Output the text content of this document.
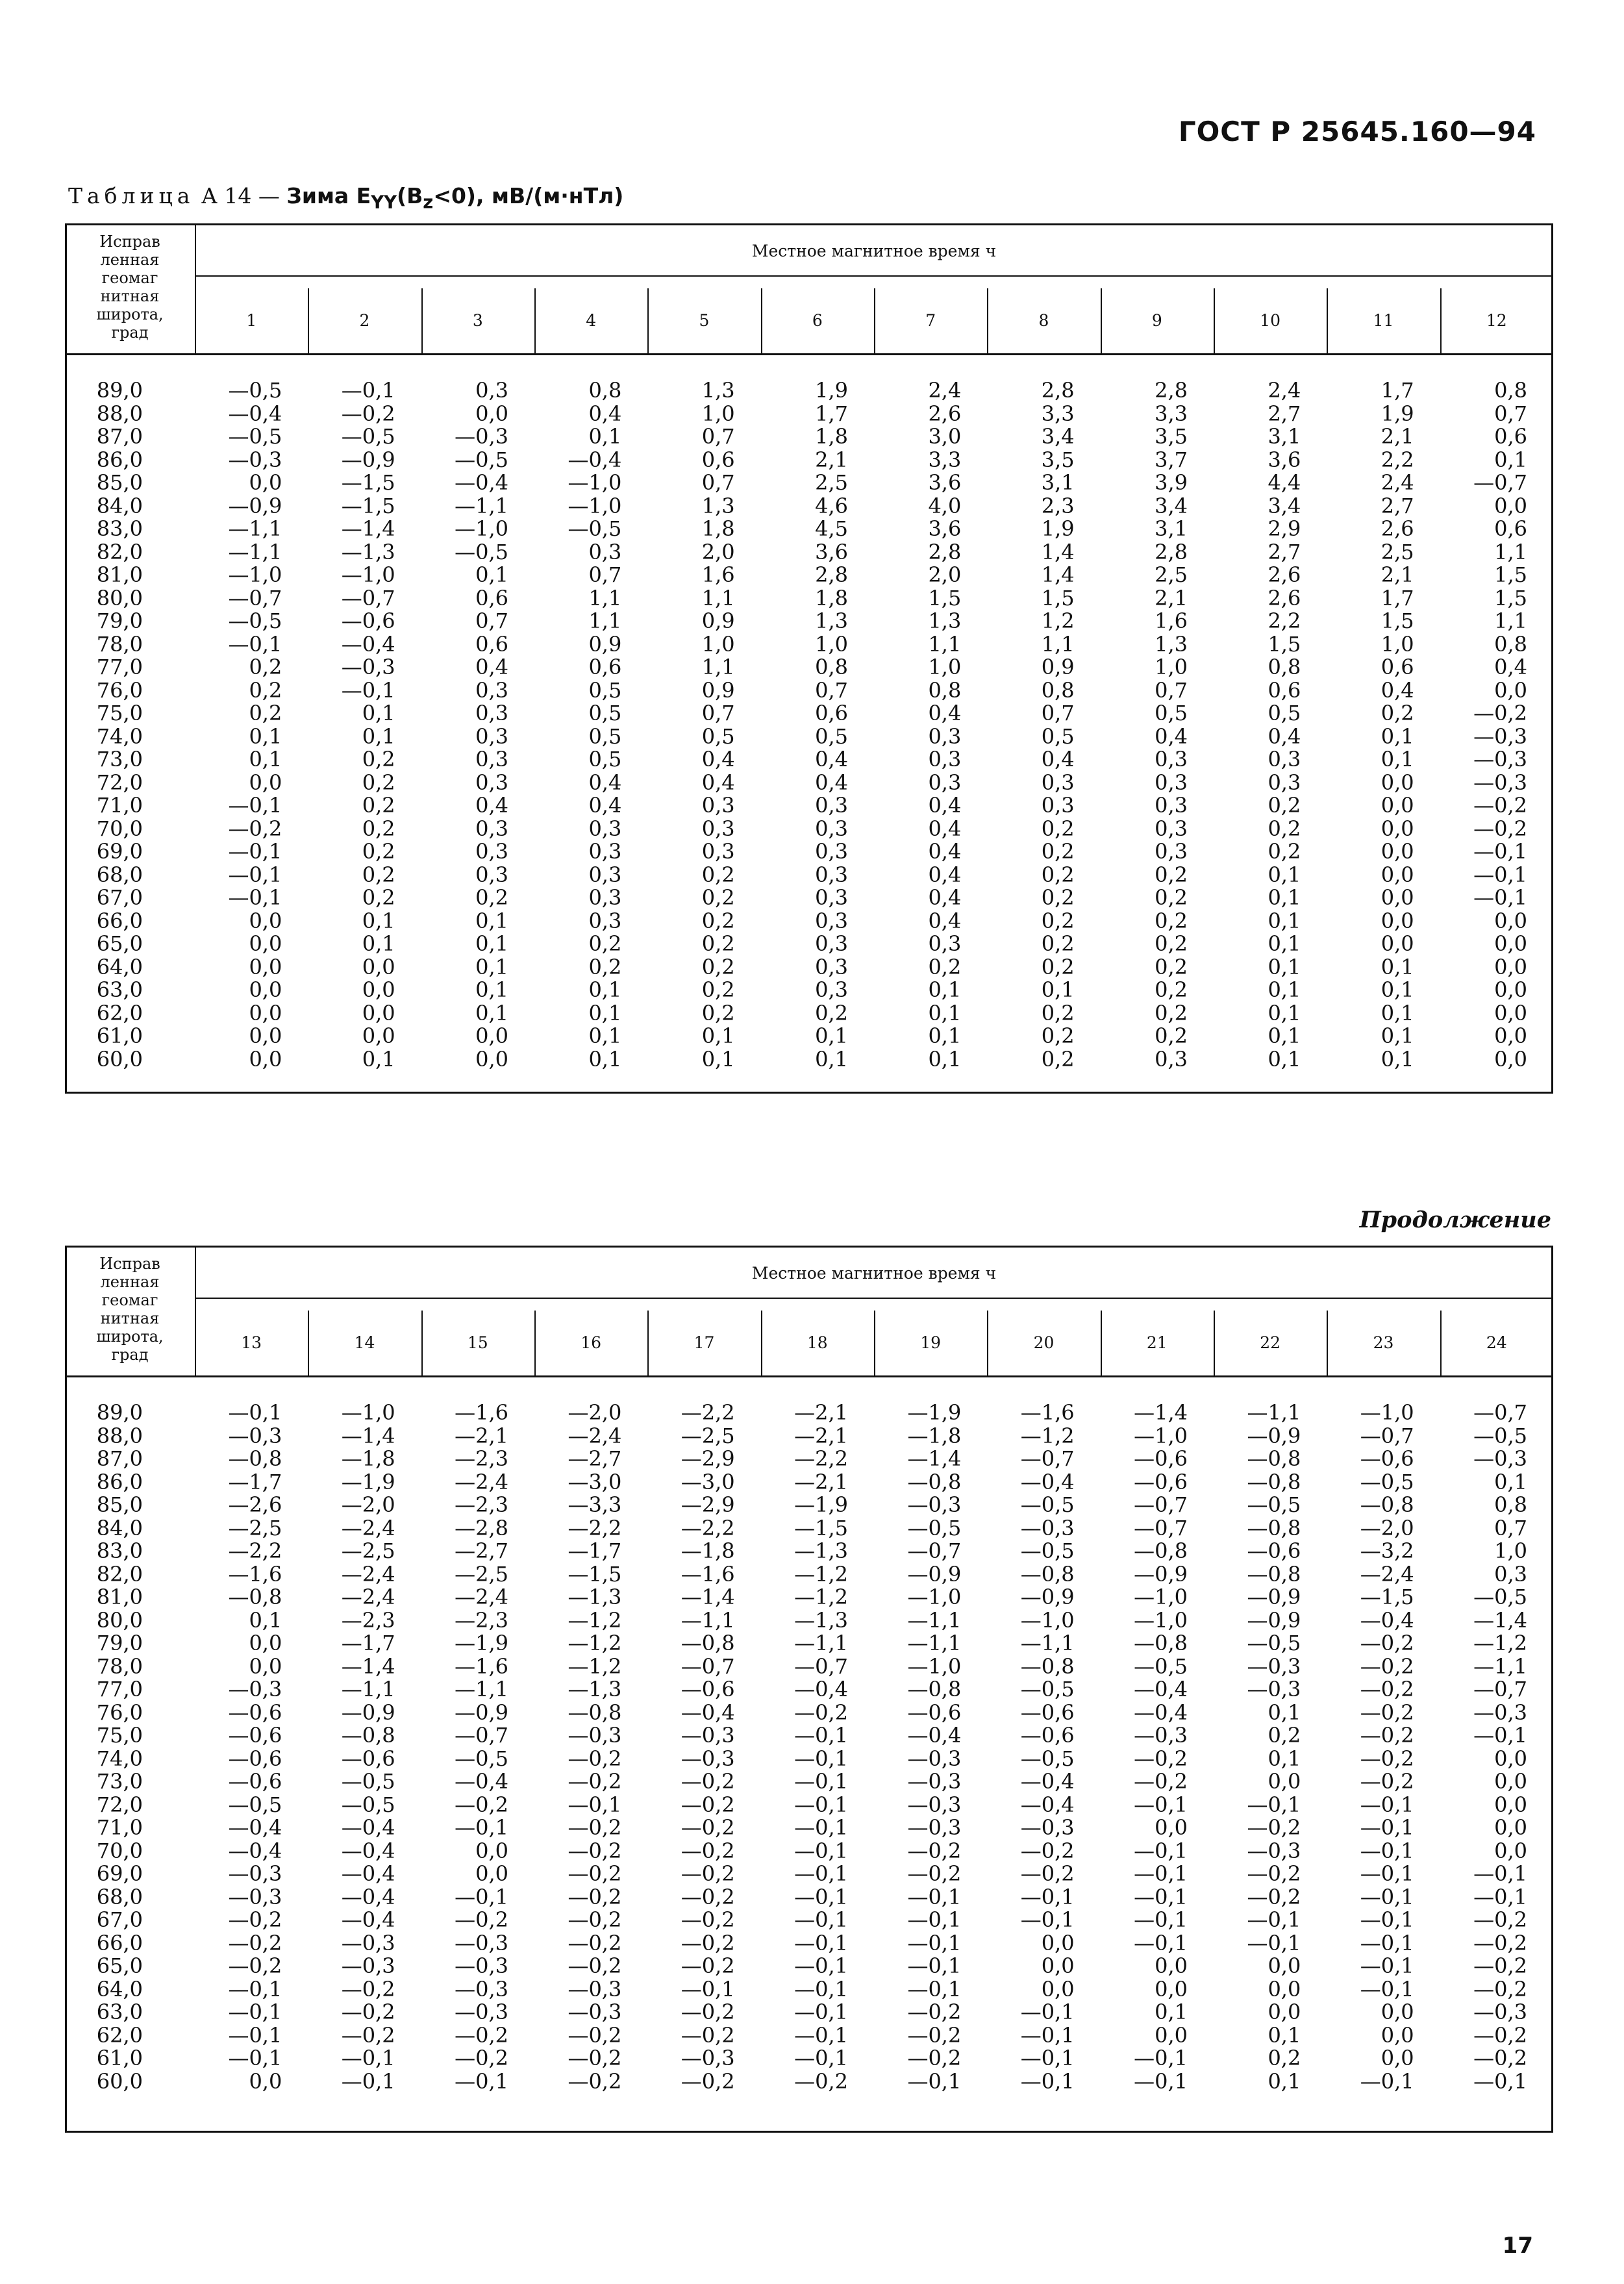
ГОСТ Р 25645.160—94
Таблица А 14 — Зима $E_{YY}(B_z<0)$, мВ/(м·нТл)
Исправ
ленная
геомаг
нитная
широта,
град
Местное магнитное время ч
1	2	3	4	5	6	7	8	9	10	11	12
89,0	—0,5	—0,1	0,3	0,8	1,3	1,9	2,4	2,8	2,8	2,4	1,7	0,8
88,0	—0,4	—0,2	0,0	0,4	1,0	1,7	2,6	3,3	3,3	2,7	1,9	0,7
87,0	—0,5	—0,5	—0,3	0,1	0,7	1,8	3,0	3,4	3,5	3,1	2,1	0,6
86,0	—0,3	—0,9	—0,5	—0,4	0,6	2,1	3,3	3,5	3,7	3,6	2,2	0,1
85,0	0,0	—1,5	—0,4	—1,0	0,7	2,5	3,6	3,1	3,9	4,4	2,4	—0,7
84,0	—0,9	—1,5	—1,1	—1,0	1,3	4,6	4,0	2,3	3,4	3,4	2,7	0,0
83,0	—1,1	—1,4	—1,0	—0,5	1,8	4,5	3,6	1,9	3,1	2,9	2,6	0,6
82,0	—1,1	—1,3	—0,5	0,3	2,0	3,6	2,8	1,4	2,8	2,7	2,5	1,1
81,0	—1,0	—1,0	0,1	0,7	1,6	2,8	2,0	1,4	2,5	2,6	2,1	1,5
80,0	—0,7	—0,7	0,6	1,1	1,1	1,8	1,5	1,5	2,1	2,6	1,7	1,5
79,0	—0,5	—0,6	0,7	1,1	0,9	1,3	1,3	1,2	1,6	2,2	1,5	1,1
78,0	—0,1	—0,4	0,6	0,9	1,0	1,0	1,1	1,1	1,3	1,5	1,0	0,8
77,0	0,2	—0,3	0,4	0,6	1,1	0,8	1,0	0,9	1,0	0,8	0,6	0,4
76,0	0,2	—0,1	0,3	0,5	0,9	0,7	0,8	0,8	0,7	0,6	0,4	0,0
75,0	0,2	0,1	0,3	0,5	0,7	0,6	0,4	0,7	0,5	0,5	0,2	—0,2
74,0	0,1	0,1	0,3	0,5	0,5	0,5	0,3	0,5	0,4	0,4	0,1	—0,3
73,0	0,1	0,2	0,3	0,5	0,4	0,4	0,3	0,4	0,3	0,3	0,1	—0,3
72,0	0,0	0,2	0,3	0,4	0,4	0,4	0,3	0,3	0,3	0,3	0,0	—0,3
71,0	—0,1	0,2	0,4	0,4	0,3	0,3	0,4	0,3	0,3	0,2	0,0	—0,2
70,0	—0,2	0,2	0,3	0,3	0,3	0,3	0,4	0,2	0,3	0,2	0,0	—0,2
69,0	—0,1	0,2	0,3	0,3	0,3	0,3	0,4	0,2	0,3	0,2	0,0	—0,1
68,0	—0,1	0,2	0,3	0,3	0,2	0,3	0,4	0,2	0,2	0,1	0,0	—0,1
67,0	—0,1	0,2	0,2	0,3	0,2	0,3	0,4	0,2	0,2	0,1	0,0	—0,1
66,0	0,0	0,1	0,1	0,3	0,2	0,3	0,4	0,2	0,2	0,1	0,0	0,0
65,0	0,0	0,1	0,1	0,2	0,2	0,3	0,3	0,2	0,2	0,1	0,0	0,0
64,0	0,0	0,0	0,1	0,2	0,2	0,3	0,2	0,2	0,2	0,1	0,1	0,0
63,0	0,0	0,0	0,1	0,1	0,2	0,3	0,1	0,1	0,2	0,1	0,1	0,0
62,0	0,0	0,0	0,1	0,1	0,2	0,2	0,1	0,2	0,2	0,1	0,1	0,0
61,0	0,0	0,0	0,0	0,1	0,1	0,1	0,1	0,2	0,2	0,1	0,1	0,0
60,0	0,0	0,1	0,0	0,1	0,1	0,1	0,1	0,2	0,3	0,1	0,1	0,0
Продолжение
Исправ
ленная
геомаг
нитная
широта,
град
Местное магнитное время ч
13	14	15	16	17	18	19	20	21	22	23	24
89,0	—0,1	—1,0	—1,6	—2,0	—2,2	—2,1	—1,9	—1,6	—1,4	—1,1	—1,0	—0,7
88,0	—0,3	—1,4	—2,1	—2,4	—2,5	—2,1	—1,8	—1,2	—1,0	—0,9	—0,7	—0,5
87,0	—0,8	—1,8	—2,3	—2,7	—2,9	—2,2	—1,4	—0,7	—0,6	—0,8	—0,6	—0,3
86,0	—1,7	—1,9	—2,4	—3,0	—3,0	—2,1	—0,8	—0,4	—0,6	—0,8	—0,5	0,1
85,0	—2,6	—2,0	—2,3	—3,3	—2,9	—1,9	—0,3	—0,5	—0,7	—0,5	—0,8	0,8
84,0	—2,5	—2,4	—2,8	—2,2	—2,2	—1,5	—0,5	—0,3	—0,7	—0,8	—2,0	0,7
83,0	—2,2	—2,5	—2,7	—1,7	—1,8	—1,3	—0,7	—0,5	—0,8	—0,6	—3,2	1,0
82,0	—1,6	—2,4	—2,5	—1,5	—1,6	—1,2	—0,9	—0,8	—0,9	—0,8	—2,4	0,3
81,0	—0,8	—2,4	—2,4	—1,3	—1,4	—1,2	—1,0	—0,9	—1,0	—0,9	—1,5	—0,5
80,0	0,1	—2,3	—2,3	—1,2	—1,1	—1,3	—1,1	—1,0	—1,0	—0,9	—0,4	—1,4
79,0	0,0	—1,7	—1,9	—1,2	—0,8	—1,1	—1,1	—1,1	—0,8	—0,5	—0,2	—1,2
78,0	0,0	—1,4	—1,6	—1,2	—0,7	—0,7	—1,0	—0,8	—0,5	—0,3	—0,2	—1,1
77,0	—0,3	—1,1	—1,1	—1,3	—0,6	—0,4	—0,8	—0,5	—0,4	—0,3	—0,2	—0,7
76,0	—0,6	—0,9	—0,9	—0,8	—0,4	—0,2	—0,6	—0,6	—0,4	0,1	—0,2	—0,3
75,0	—0,6	—0,8	—0,7	—0,3	—0,3	—0,1	—0,4	—0,6	—0,3	0,2	—0,2	—0,1
74,0	—0,6	—0,6	—0,5	—0,2	—0,3	—0,1	—0,3	—0,5	—0,2	0,1	—0,2	0,0
73,0	—0,6	—0,5	—0,4	—0,2	—0,2	—0,1	—0,3	—0,4	—0,2	0,0	—0,2	0,0
72,0	—0,5	—0,5	—0,2	—0,1	—0,2	—0,1	—0,3	—0,4	—0,1	—0,1	—0,1	0,0
71,0	—0,4	—0,4	—0,1	—0,2	—0,2	—0,1	—0,3	—0,3	0,0	—0,2	—0,1	0,0
70,0	—0,4	—0,4	0,0	—0,2	—0,2	—0,1	—0,2	—0,2	—0,1	—0,3	—0,1	0,0
69,0	—0,3	—0,4	0,0	—0,2	—0,2	—0,1	—0,2	—0,2	—0,1	—0,2	—0,1	—0,1
68,0	—0,3	—0,4	—0,1	—0,2	—0,2	—0,1	—0,1	—0,1	—0,1	—0,2	—0,1	—0,1
67,0	—0,2	—0,4	—0,2	—0,2	—0,2	—0,1	—0,1	—0,1	—0,1	—0,1	—0,1	—0,2
66,0	—0,2	—0,3	—0,3	—0,2	—0,2	—0,1	—0,1	0,0	—0,1	—0,1	—0,1	—0,2
65,0	—0,2	—0,3	—0,3	—0,2	—0,2	—0,1	—0,1	0,0	0,0	0,0	—0,1	—0,2
64,0	—0,1	—0,2	—0,3	—0,3	—0,1	—0,1	—0,1	0,0	0,0	0,0	—0,1	—0,2
63,0	—0,1	—0,2	—0,3	—0,3	—0,2	—0,1	—0,2	—0,1	0,1	0,0	0,0	—0,3
62,0	—0,1	—0,2	—0,2	—0,2	—0,2	—0,1	—0,2	—0,1	0,0	0,1	0,0	—0,2
61,0	—0,1	—0,1	—0,2	—0,2	—0,3	—0,1	—0,2	—0,1	—0,1	0,2	0,0	—0,2
60,0	0,0	—0,1	—0,1	—0,2	—0,2	—0,2	—0,1	—0,1	—0,1	0,1	—0,1	—0,1
17
